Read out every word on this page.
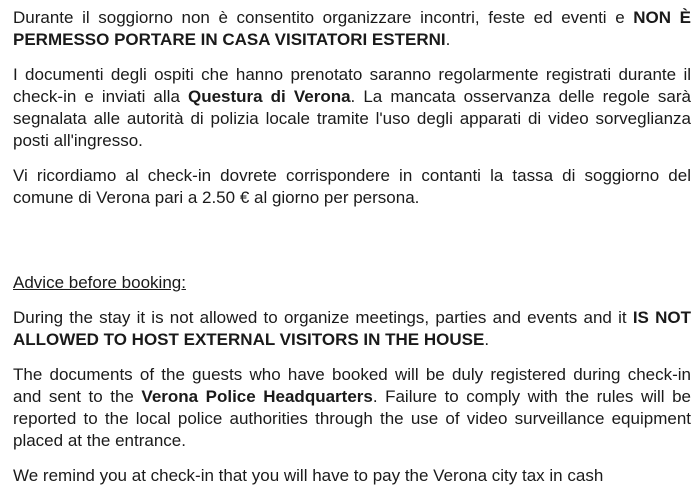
Durante il soggiorno non è consentito organizzare incontri, feste ed eventi e NON È PERMESSO PORTARE IN CASA VISITATORI ESTERNI.

I documenti degli ospiti che hanno prenotato saranno regolarmente registrati durante il check-in e inviati alla Questura di Verona. La mancata osservanza delle regole sarà segnalata alle autorità di polizia locale tramite l'uso degli apparati di video sorveglianza posti all'ingresso.

Vi ricordiamo al check-in dovrete corrispondere in contanti la tassa di soggiorno del comune di Verona pari a 2.50 € al giorno per persona.

Advice before booking:

During the stay it is not allowed to organize meetings, parties and events and it IS NOT ALLOWED TO HOST EXTERNAL VISITORS IN THE HOUSE.

The documents of the guests who have booked will be duly registered during check-in and sent to the Verona Police Headquarters. Failure to comply with the rules will be reported to the local police authorities through the use of video surveillance equipment placed at the entrance.

We remind you at check-in that you will have to pay the Verona city tax in cash
